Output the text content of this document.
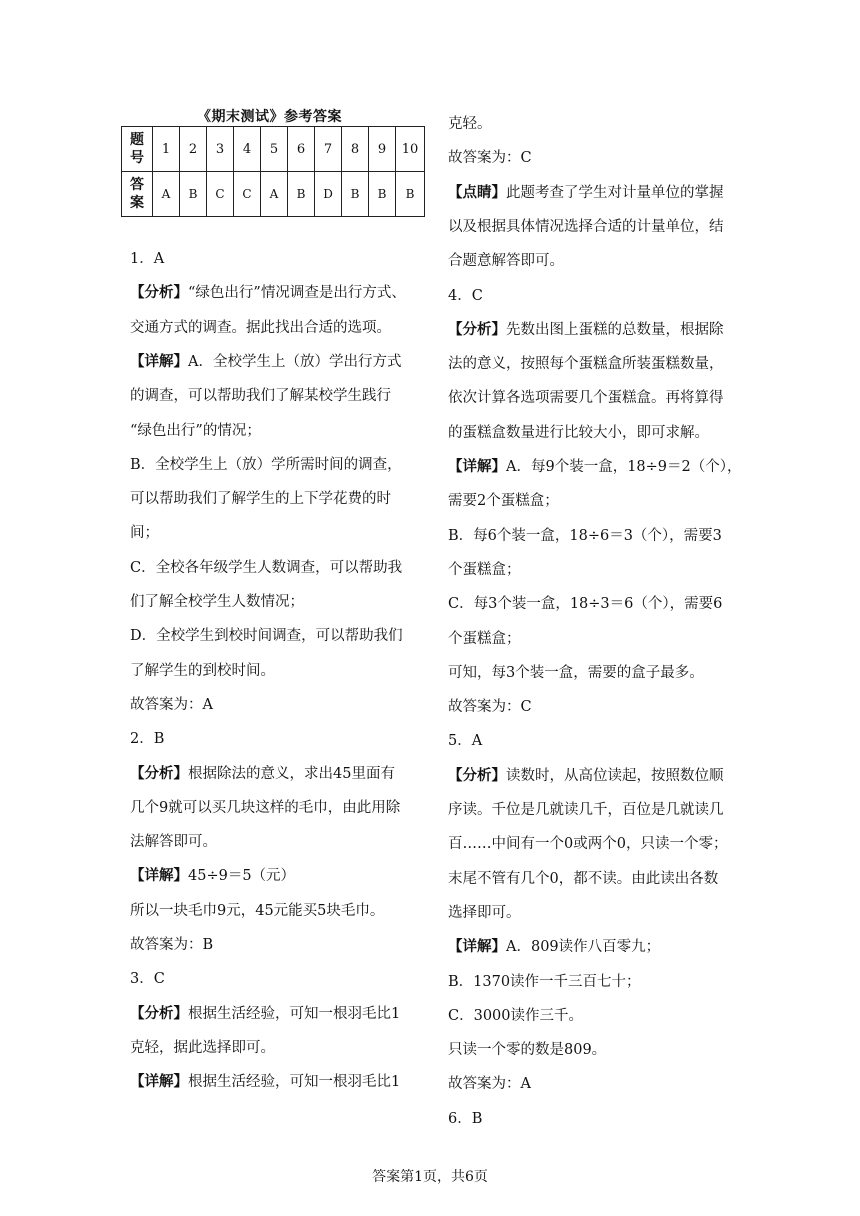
《期末测试》参考答案
题
号	1	2	3	4	5	6	7	8	9	10
答
案	A	B	C	C	A	B	D	B	B	B

1．A

【分析】“绿色出行”情况调查是出行方式、

交通方式的调查。据此找出合适的选项。

【详解】A．全校学生上（放）学出行方式

的调查，可以帮助我们了解某校学生践行

“绿色出行”的情况；

B．全校学生上（放）学所需时间的调查，

可以帮助我们了解学生的上下学花费的时

间；

C．全校各年级学生人数调查，可以帮助我

们了解全校学生人数情况；

D．全校学生到校时间调查，可以帮助我们

了解学生的到校时间。

故答案为：A

2．B

【分析】根据除法的意义，求出45里面有

几个9就可以买几块这样的毛巾，由此用除

法解答即可。

【详解】45÷9＝5（元）

所以一块毛巾9元，45元能买5块毛巾。

故答案为：B

3．C

【分析】根据生活经验，可知一根羽毛比1

克轻，据此选择即可。

【详解】根据生活经验，可知一根羽毛比1

克轻。

故答案为：C

【点睛】此题考查了学生对计量单位的掌握

以及根据具体情况选择合适的计量单位，结

合题意解答即可。

4．C

【分析】先数出图上蛋糕的总数量，根据除

法的意义，按照每个蛋糕盒所装蛋糕数量，

依次计算各选项需要几个蛋糕盒。再将算得

的蛋糕盒数量进行比较大小，即可求解。

【详解】A．每9个装一盒，18÷9＝2（个），

需要2个蛋糕盒；

B．每6个装一盒，18÷6＝3（个），需要3

个蛋糕盒；

C．每3个装一盒，18÷3＝6（个），需要6

个蛋糕盒；

可知，每3个装一盒，需要的盒子最多。

故答案为：C

5．A

【分析】读数时，从高位读起，按照数位顺

序读。千位是几就读几千，百位是几就读几

百……中间有一个0或两个0，只读一个零；

末尾不管有几个0，都不读。由此读出各数

选择即可。

【详解】A．809读作八百零九；

B．1370读作一千三百七十；

C．3000读作三千。

只读一个零的数是809。

故答案为：A

6．B

答案第1页，共6页
